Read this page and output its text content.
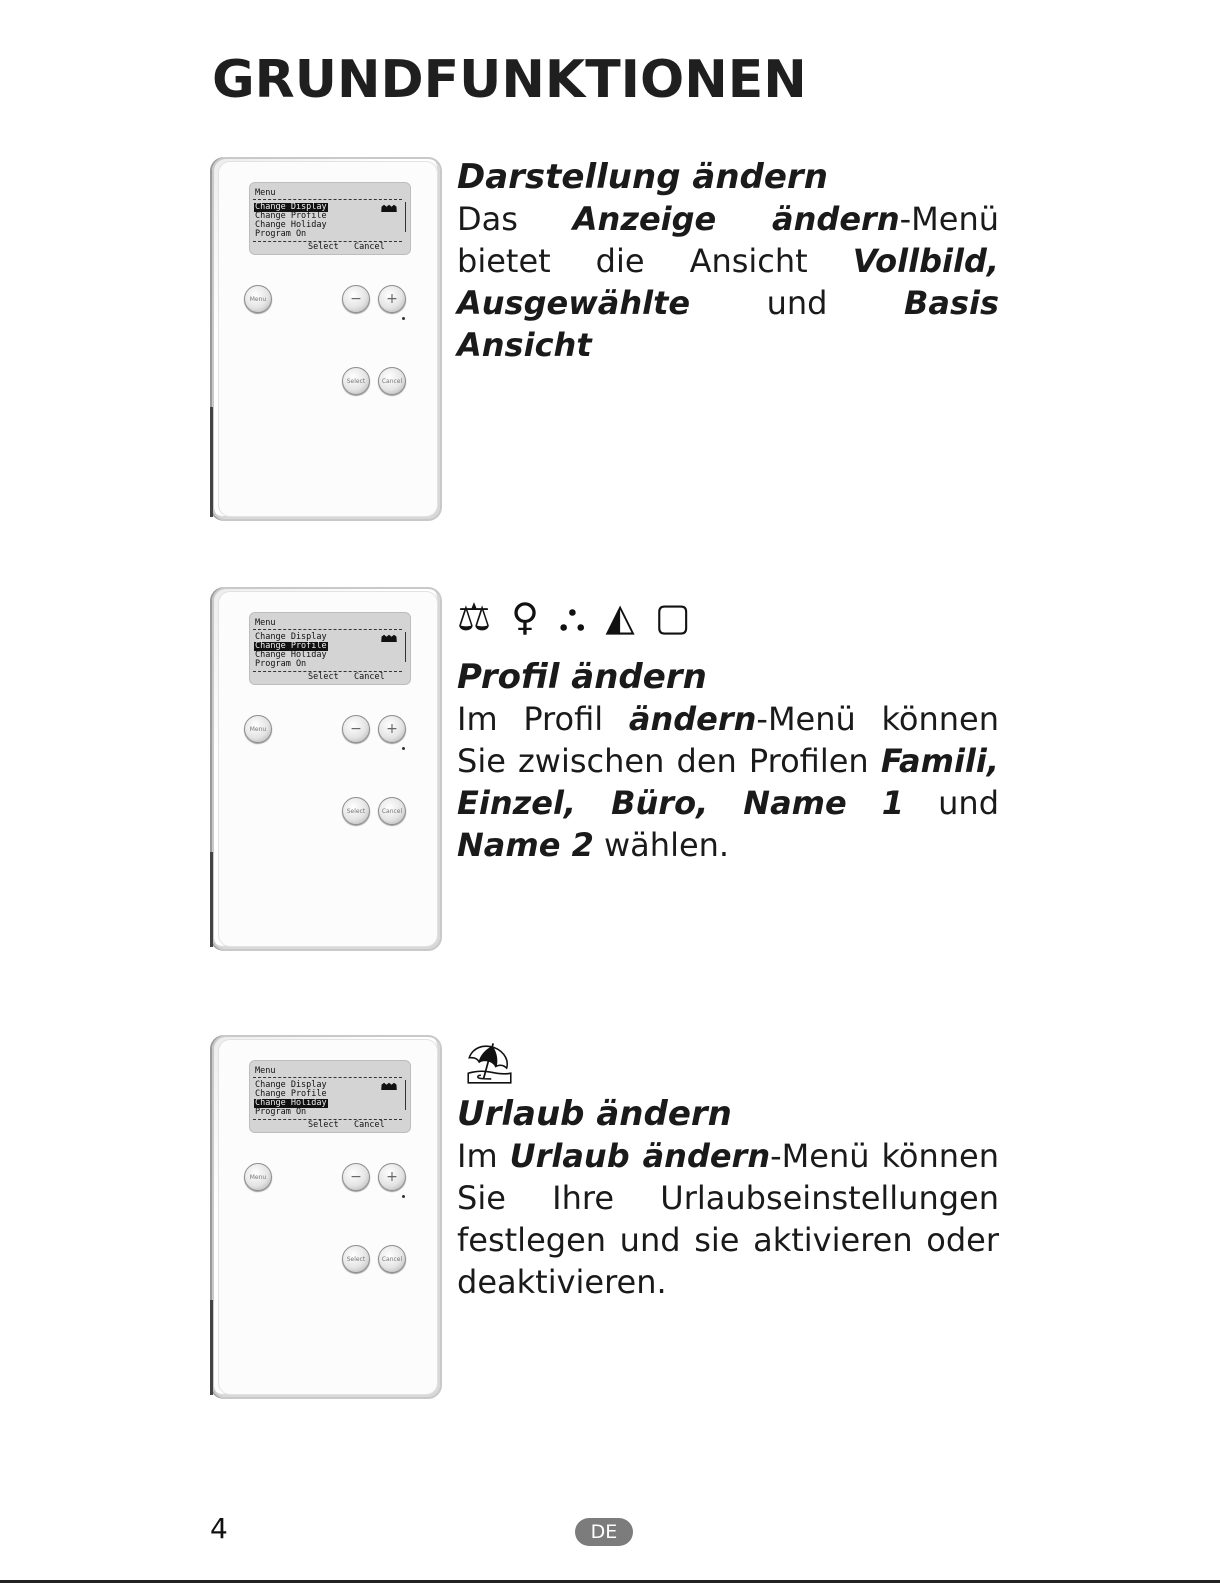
GRUNDFUNKTIONEN
Menu
Change Display
Change Profile
Change Holiday
Program On
☗☗☗
Select   Cancel
Menu	−	+
Select	Cancel
Darstellung ändern

Das Anzeige ändern-Menü bietet die Ansicht Vollbild, Ausgewählte und Basis Ansicht

Menu
Change Display
Change Profile
Change Holiday
Program On
☗☗☗
Select   Cancel
Menu	−	+
Select	Cancel
⚖ ♀ ⛬ ◭ ▢
Profil ändern

Im Profil ändern-Menü können Sie zwischen den Profilen Famili, Einzel, Büro, Name 1 und Name 2 wählen.

Menu
Change Display
Change Profile
Change Holiday
Program On
☗☗☗
Select   Cancel
Menu	−	+
Select	Cancel
⛱
Urlaub ändern

Im Urlaub ändern-Menü können Sie Ihre Urlaubseinstellungen festlegen und sie aktivieren oder deaktivieren.

4	DE
